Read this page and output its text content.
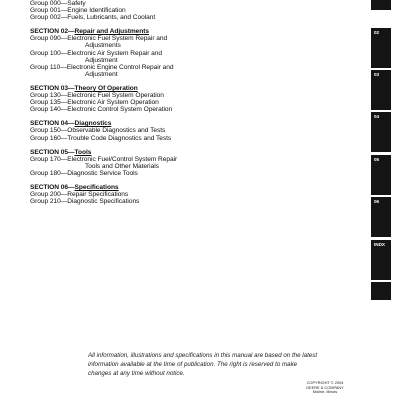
Group 000—Safety
Group 001—Engine Identification
Group 002—Fuels, Lubricants, and Coolant
SECTION 02—Repair and Adjustments
Group 090—Electronic Fuel System Repair and
Adjustments
Group 100—Electronic Air System Repair and
Adjustment
Group 110—Electronic Engine Control Repair and
Adjustment
SECTION 03—Theory Of Operation
Group 130—Electronic Fuel System Operation
Group 135—Electronic Air System Operation
Group 140—Electronic Control System Operation
SECTION 04—Diagnostics
Group 150—Observable Diagnostics and Tests
Group 160—Trouble Code Diagnostics and Tests
SECTION 05—Tools
Group 170—Electronic Fuel/Control System Repair
Tools and Other Materials
Group 180—Diagnostic Service Tools
SECTION 06—Specifications
Group 200—Repair Specifications
Group 210—Diagnostic Specifications
02
03
04
05
06
INDX
All information, illustrations and specifications in this manual are based on the latest information available at the time of publication. The right is reserved to make changes at any time without notice.
COPYRIGHT © 2004
DEERE & COMPANY
Moline, Illinois
